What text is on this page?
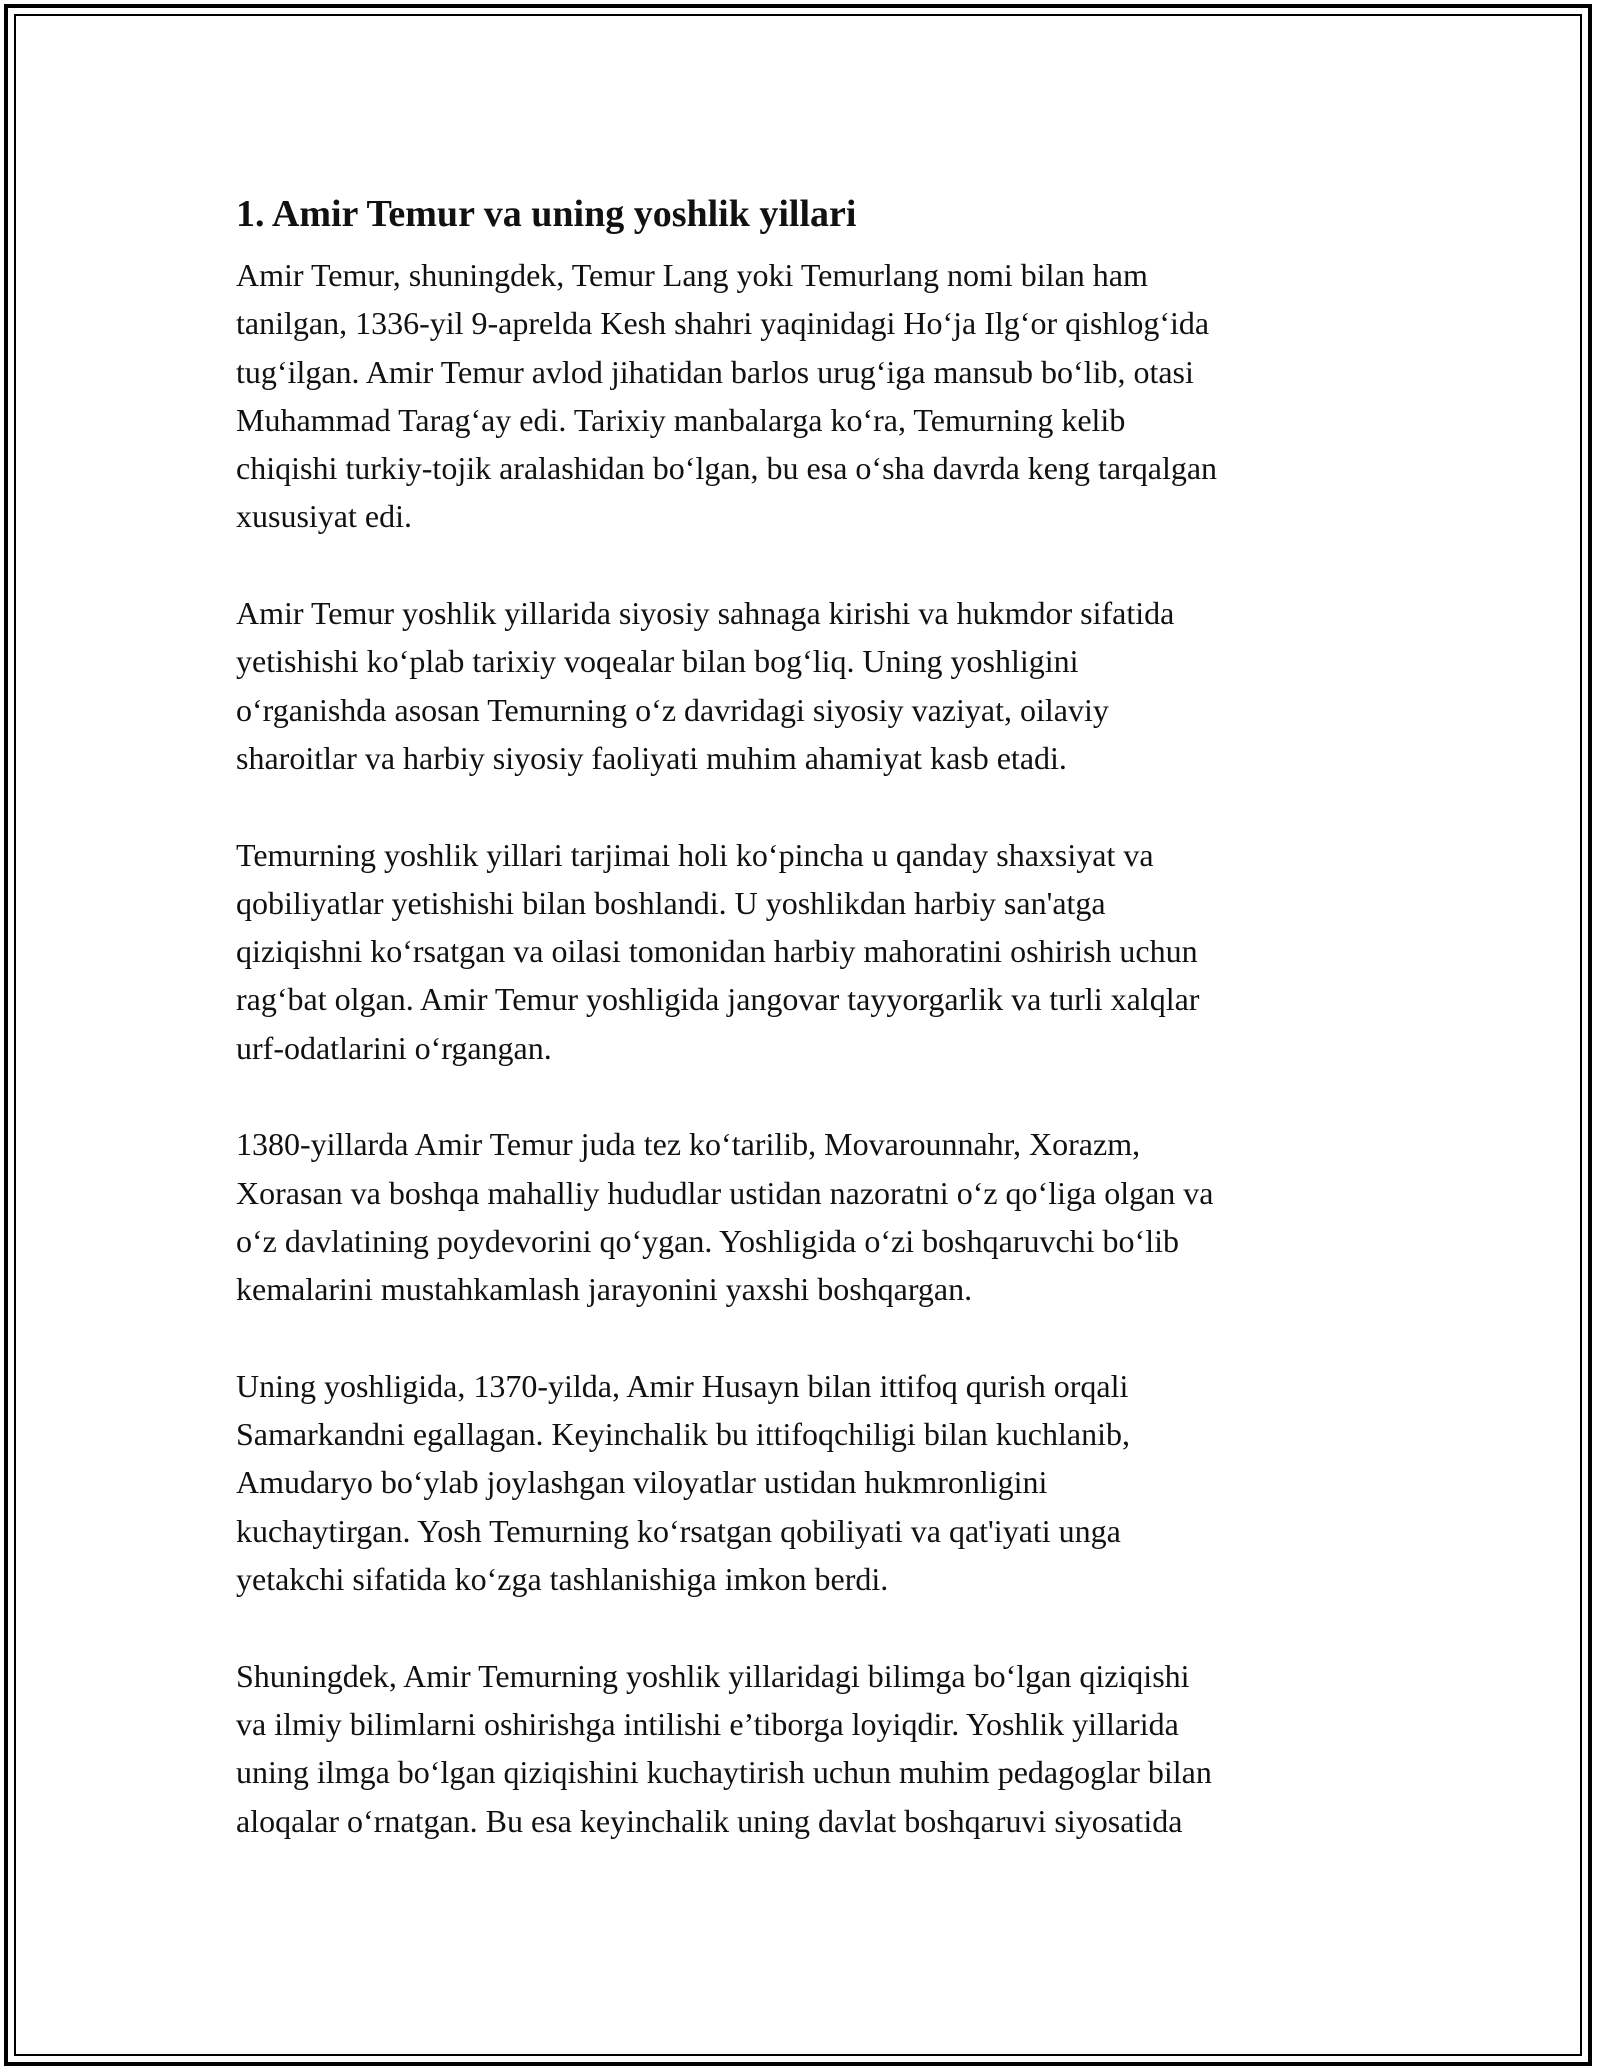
1. Amir Temur va uning yoshlik yillari

Amir Temur, shuningdek, Temur Lang yoki Temurlang nomi bilan ham
tanilgan, 1336-yil 9-aprelda Kesh shahri yaqinidagi Ho‘ja Ilg‘or qishlog‘ida
tug‘ilgan. Amir Temur avlod jihatidan barlos urug‘iga mansub bo‘lib, otasi
Muhammad Tarag‘ay edi. Tarixiy manbalarga ko‘ra, Temurning kelib
chiqishi turkiy-tojik aralashidan bo‘lgan, bu esa o‘sha davrda keng tarqalgan
xususiyat edi.

Amir Temur yoshlik yillarida siyosiy sahnaga kirishi va hukmdor sifatida
yetishishi ko‘plab tarixiy voqealar bilan bog‘liq. Uning yoshligini
o‘rganishda asosan Temurning o‘z davridagi siyosiy vaziyat, oilaviy
sharoitlar va harbiy siyosiy faoliyati muhim ahamiyat kasb etadi.

Temurning yoshlik yillari tarjimai holi ko‘pincha u qanday shaxsiyat va
qobiliyatlar yetishishi bilan boshlandi. U yoshlikdan harbiy san'atga
qiziqishni ko‘rsatgan va oilasi tomonidan harbiy mahoratini oshirish uchun
rag‘bat olgan. Amir Temur yoshligida jangovar tayyorgarlik va turli xalqlar
urf-odatlarini o‘rgangan.

1380-yillarda Amir Temur juda tez ko‘tarilib, Movarounnahr, Xorazm,
Xorasan va boshqa mahalliy hududlar ustidan nazoratni o‘z qo‘liga olgan va
o‘z davlatining poydevorini qo‘ygan. Yoshligida o‘zi boshqaruvchi bo‘lib
kemalarini mustahkamlash jarayonini yaxshi boshqargan.

Uning yoshligida, 1370-yilda, Amir Husayn bilan ittifoq qurish orqali
Samarkandni egallagan. Keyinchalik bu ittifoqchiligi bilan kuchlanib,
Amudaryo bo‘ylab joylashgan viloyatlar ustidan hukmronligini
kuchaytirgan. Yosh Temurning ko‘rsatgan qobiliyati va qat'iyati unga
yetakchi sifatida ko‘zga tashlanishiga imkon berdi.

Shuningdek, Amir Temurning yoshlik yillaridagi bilimga bo‘lgan qiziqishi
va ilmiy bilimlarni oshirishga intilishi e’tiborga loyiqdir. Yoshlik yillarida
uning ilmga bo‘lgan qiziqishini kuchaytirish uchun muhim pedagoglar bilan
aloqalar o‘rnatgan. Bu esa keyinchalik uning davlat boshqaruvi siyosatida
